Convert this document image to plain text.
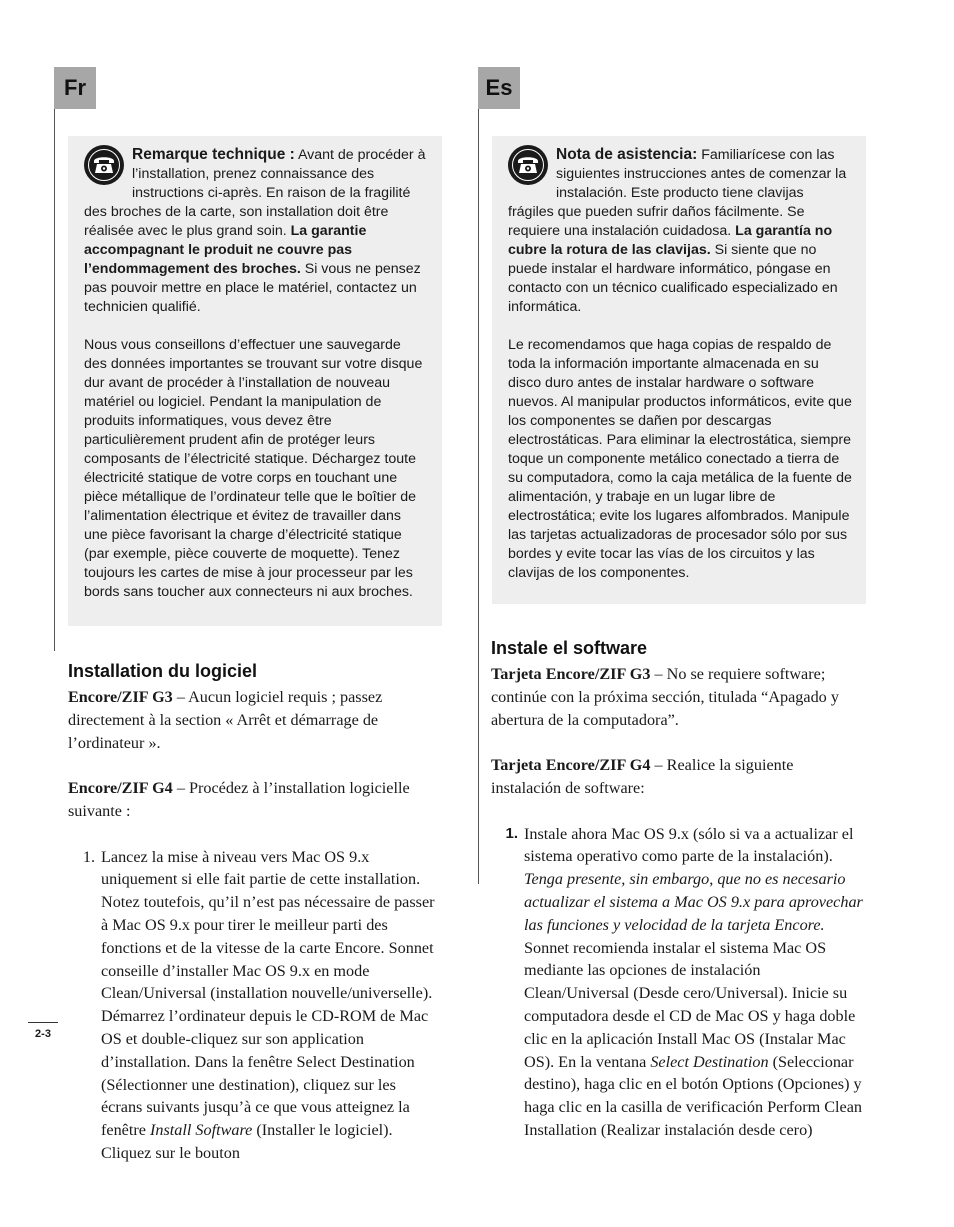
Fr

Remarque technique : Avant de procéder à l’installation, prenez connaissance des instructions ci-après. En raison de la fragilité des broches de la carte, son installation doit être réalisée avec le plus grand soin. La garantie accompagnant le produit ne couvre pas l’endommagement des broches. Si vous ne pensez pas pouvoir mettre en place le matériel, contactez un technicien qualifié.

Nous vous conseillons d’effectuer une sauvegarde des données importantes se trouvant sur votre disque dur avant de procéder à l’installation de nouveau matériel ou logiciel. Pendant la manipulation de produits informatiques, vous devez être particulièrement prudent afin de protéger leurs composants de l’électricité statique. Déchargez toute électricité statique de votre corps en touchant une pièce métallique de l’ordinateur telle que le boîtier de l’alimentation électrique et évitez de travailler dans une pièce favorisant la charge d’électricité statique (par exemple, pièce couverte de moquette). Tenez toujours les cartes de mise à jour processeur par les bords sans toucher aux connecteurs ni aux broches.

Installation du logiciel

Encore/ZIF G3 – Aucun logiciel requis ; passez directement à la section « Arrêt et démarrage de l’ordinateur ».

Encore/ZIF G4 – Procédez à l’installation logicielle suivante :

1. Lancez la mise à niveau vers Mac OS 9.x uniquement si elle fait partie de cette installation. Notez toutefois, qu’il n’est pas nécessaire de passer à Mac OS 9.x pour tirer le meilleur parti des fonctions et de la vitesse de la carte Encore. Sonnet conseille d’installer Mac OS 9.x en mode Clean/Universal (installation nouvelle/universelle). Démarrez l’ordinateur depuis le CD-ROM de Mac OS et double-cliquez sur son application d’installation. Dans la fenêtre Select Destination (Sélectionner une destination), cliquez sur les écrans suivants jusqu’à ce que vous atteignez la fenêtre Install Software (Installer le logiciel). Cliquez sur le bouton
2-3
Es

Nota de asistencia: Familiarícese con las siguientes instrucciones antes de comenzar la instalación. Este producto tiene clavijas frágiles que pueden sufrir daños fácilmente. Se requiere una instalación cuidadosa. La garantía no cubre la rotura de las clavijas. Si siente que no puede instalar el hardware informático, póngase en contacto con un técnico cualificado especializado en informática.

Le recomendamos que haga copias de respaldo de toda la información importante almacenada en su disco duro antes de instalar hardware o software nuevos. Al manipular productos informáticos, evite que los componentes se dañen por descargas electrostáticas. Para eliminar la electrostática, siempre toque un componente metálico conectado a tierra de su computadora, como la caja metálica de la fuente de alimentación, y trabaje en un lugar libre de electrostática; evite los lugares alfombrados. Manipule las tarjetas actualizadoras de procesador sólo por sus bordes y evite tocar las vías de los circuitos y las clavijas de los componentes.

Instale el software

Tarjeta Encore/ZIF G3 – No se requiere software; continúe con la próxima sección, titulada “Apagado y abertura de la computadora”.

Tarjeta Encore/ZIF G4 – Realice la siguiente instalación de software:

1. Instale ahora Mac OS 9.x (sólo si va a actualizar el sistema operativo como parte de la instalación). Tenga presente, sin embargo, que no es necesario actualizar el sistema a Mac OS 9.x para aprovechar las funciones y velocidad de la tarjeta Encore. Sonnet recomienda instalar el sistema Mac OS mediante las opciones de instalación Clean/Universal (Desde cero/Universal). Inicie su computadora desde el CD de Mac OS y haga doble clic en la aplicación Install Mac OS (Instalar Mac OS). En la ventana Select Destination (Seleccionar destino), haga clic en el botón Options (Opciones) y haga clic en la casilla de verificación Perform Clean Installation (Realizar instalación desde cero)
